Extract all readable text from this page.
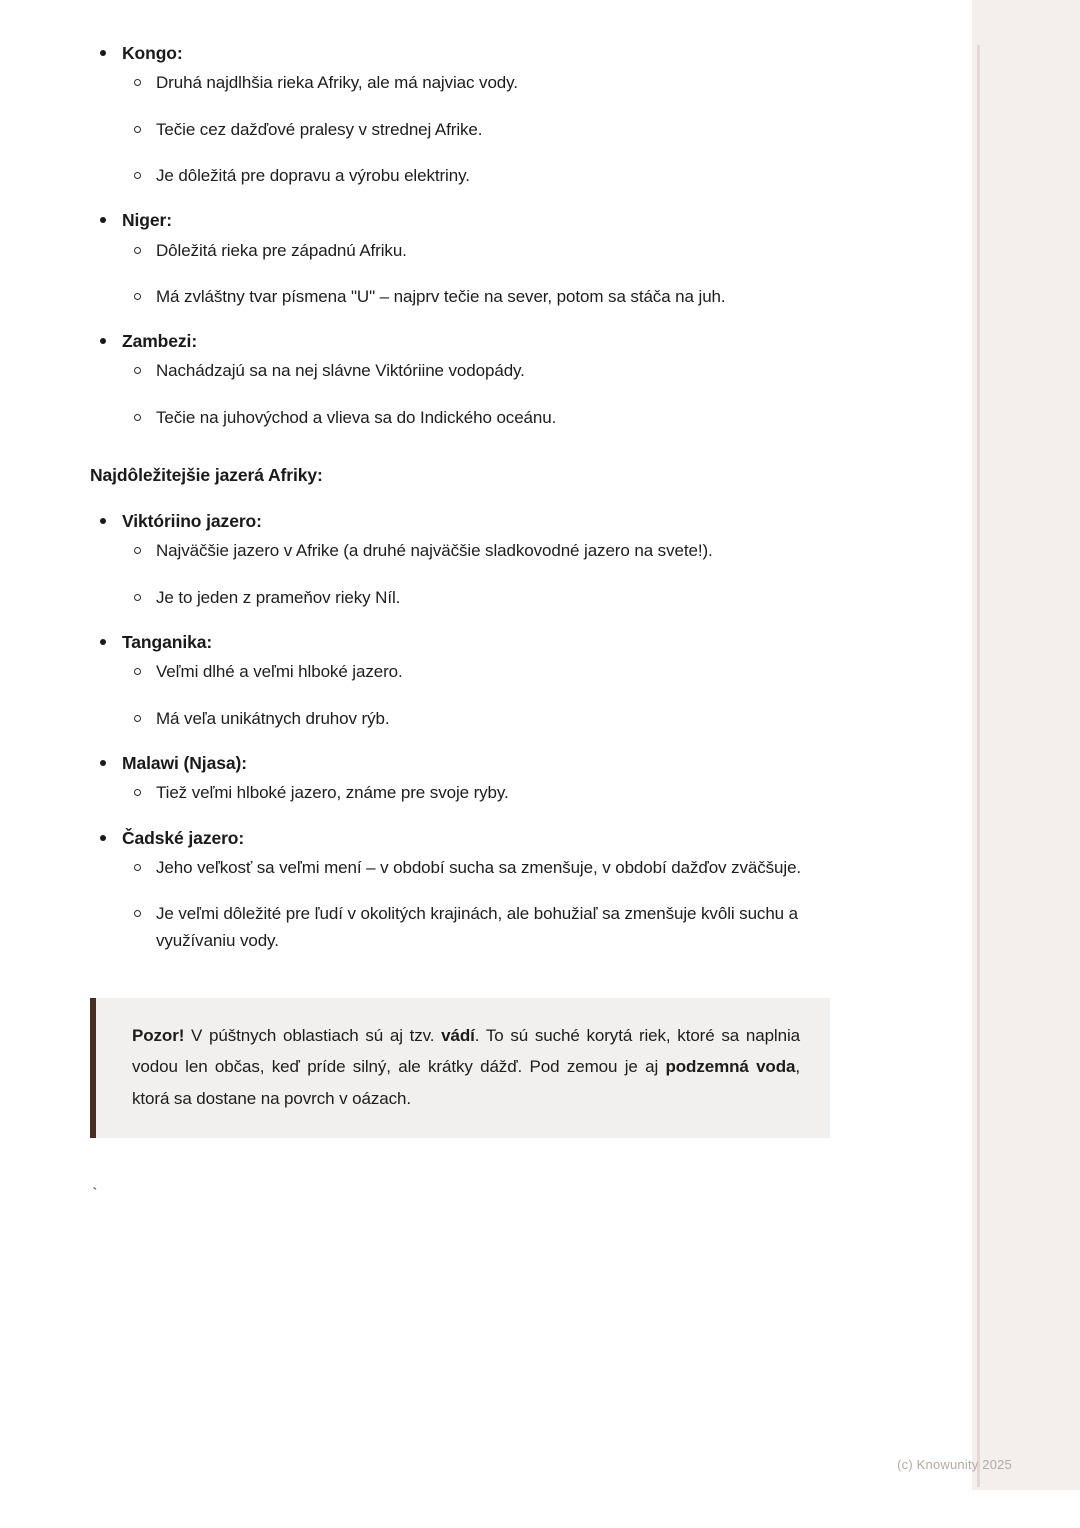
Kongo:
Druhá najdlhšia rieka Afriky, ale má najviac vody.
Tečie cez dažďové pralesy v strednej Afrike.
Je dôležitá pre dopravu a výrobu elektriny.
Niger:
Dôležitá rieka pre západnú Afriku.
Má zvláštny tvar písmena "U" – najprv tečie na sever, potom sa stáča na juh.
Zambezi:
Nachádzajú sa na nej slávne Viktóriine vodopády.
Tečie na juhovýchod a vlieva sa do Indického oceánu.
Najdôležitejšie jazerá Afriky:
Viktóriino jazero:
Najväčšie jazero v Afrike (a druhé najväčšie sladkovodné jazero na svete!).
Je to jeden z prameňov rieky Níl.
Tanganika:
Veľmi dlhé a veľmi hlboké jazero.
Má veľa unikátnych druhov rýb.
Malawi (Njasa):
Tiež veľmi hlboké jazero, známe pre svoje ryby.
Čadské jazero:
Jeho veľkosť sa veľmi mení – v období sucha sa zmenšuje, v období dažďov zväčšuje.
Je veľmi dôležité pre ľudí v okolitých krajinách, ale bohužiaľ sa zmenšuje kvôli suchu a využívaniu vody.

Pozor! V púštnych oblastiach sú aj tzv. vádí. To sú suché korytá riek, ktoré sa naplnia vodou len občas, keď príde silný, ale krátky dážď. Pod zemou je aj podzemná voda, ktorá sa dostane na povrch v oázach.

`
(c) Knowunity 2025
